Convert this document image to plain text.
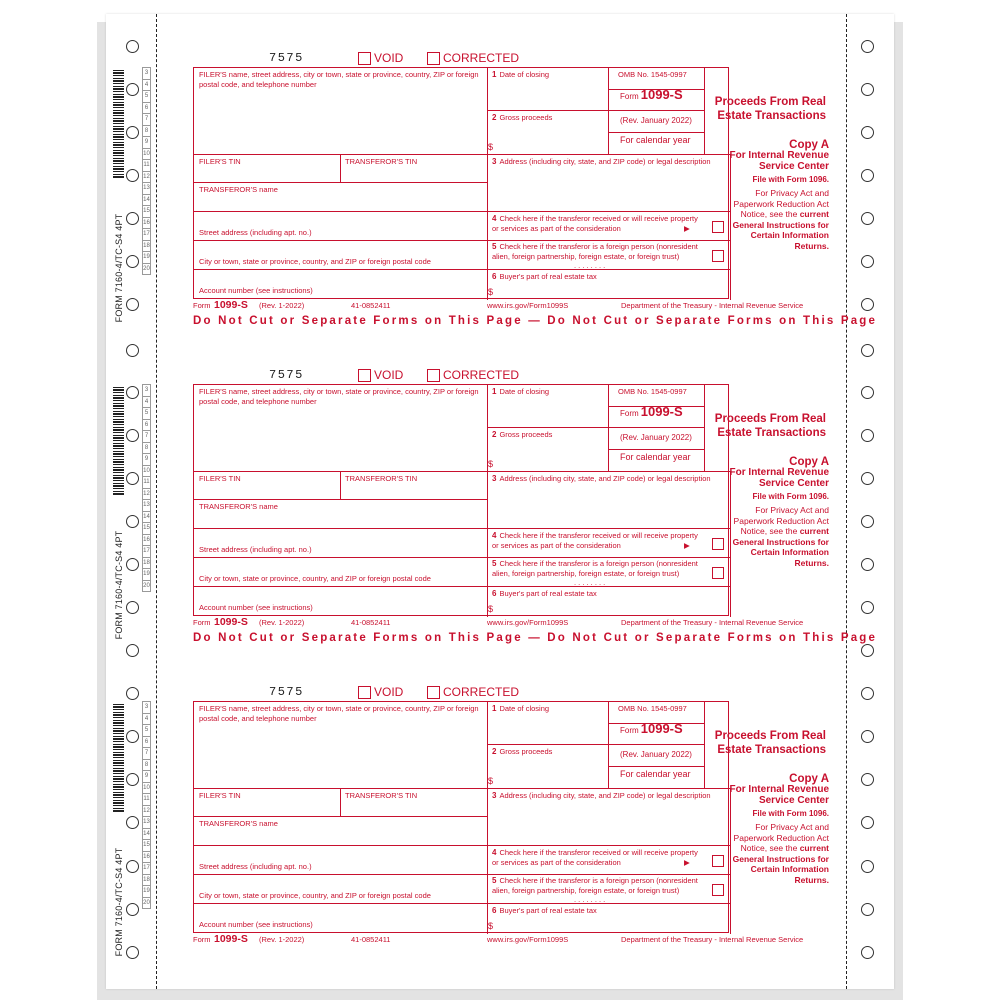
FORM 7160-4/TC-S4 4PT
3
4
5
6
7
8
9
10
11
12
13
14
15
16
17
18
19
20
FORM 7160-4/TC-S4 4PT
3
4
5
6
7
8
9
10
11
12
13
14
15
16
17
18
19
20
FORM 7160-4/TC-S4 4PT
3
4
5
6
7
8
9
10
11
12
13
14
15
16
17
18
19
20
7575	VOID	CORRECTED
FILER'S name, street address, city or town, state or province, country, ZIP or foreign postal code, and telephone number
1 Date of closing	OMB No. 1545-0997
Form 1099-S
(Rev. January 2022)
For calendar year
Proceeds From Real Estate Transactions
2 Gross proceeds
$
FILER'S TIN	TRANSFEROR'S TIN	3 Address (including city, state, and ZIP code) or legal description
TRANSFEROR'S name
4 Check here if the transferor received or will receive property or services as part of the consideration	▶
Street address (including apt. no.)
5 Check here if the transferor is a foreign person (nonresident alien, foreign partnership, foreign estate, or foreign trust)
. . . . . . . .
City or town, state or province, country, and ZIP or foreign postal code
Account number (see instructions)
6 Buyer's part of real estate tax
$
Copy A
For Internal Revenue Service Center
File with Form 1096.
For Privacy Act and Paperwork Reduction Act Notice, see the current General Instructions for Certain Information Returns.
Form 1099-S (Rev. 1-2022)	41-0852411	www.irs.gov/Form1099S	Department of the Treasury - Internal Revenue Service
Do Not Cut or Separate Forms on This Page — Do Not Cut or Separate Forms on This Page
7575	VOID	CORRECTED
FILER'S name, street address, city or town, state or province, country, ZIP or foreign postal code, and telephone number
1 Date of closing	OMB No. 1545-0997
Form 1099-S
(Rev. January 2022)
For calendar year
Proceeds From Real Estate Transactions
2 Gross proceeds
$
FILER'S TIN	TRANSFEROR'S TIN	3 Address (including city, state, and ZIP code) or legal description
TRANSFEROR'S name
4 Check here if the transferor received or will receive property or services as part of the consideration	▶
Street address (including apt. no.)
5 Check here if the transferor is a foreign person (nonresident alien, foreign partnership, foreign estate, or foreign trust)
. . . . . . . .
City or town, state or province, country, and ZIP or foreign postal code
Account number (see instructions)
6 Buyer's part of real estate tax
$
Copy A
For Internal Revenue Service Center
File with Form 1096.
For Privacy Act and Paperwork Reduction Act Notice, see the current General Instructions for Certain Information Returns.
Form 1099-S (Rev. 1-2022)	41-0852411	www.irs.gov/Form1099S	Department of the Treasury - Internal Revenue Service
Do Not Cut or Separate Forms on This Page — Do Not Cut or Separate Forms on This Page
7575	VOID	CORRECTED
FILER'S name, street address, city or town, state or province, country, ZIP or foreign postal code, and telephone number
1 Date of closing	OMB No. 1545-0997
Form 1099-S
(Rev. January 2022)
For calendar year
Proceeds From Real Estate Transactions
2 Gross proceeds
$
FILER'S TIN	TRANSFEROR'S TIN	3 Address (including city, state, and ZIP code) or legal description
TRANSFEROR'S name
4 Check here if the transferor received or will receive property or services as part of the consideration	▶
Street address (including apt. no.)
5 Check here if the transferor is a foreign person (nonresident alien, foreign partnership, foreign estate, or foreign trust)
. . . . . . . .
City or town, state or province, country, and ZIP or foreign postal code
Account number (see instructions)
6 Buyer's part of real estate tax
$
Copy A
For Internal Revenue Service Center
File with Form 1096.
For Privacy Act and Paperwork Reduction Act Notice, see the current General Instructions for Certain Information Returns.
Form 1099-S (Rev. 1-2022)	41-0852411	www.irs.gov/Form1099S	Department of the Treasury - Internal Revenue Service
